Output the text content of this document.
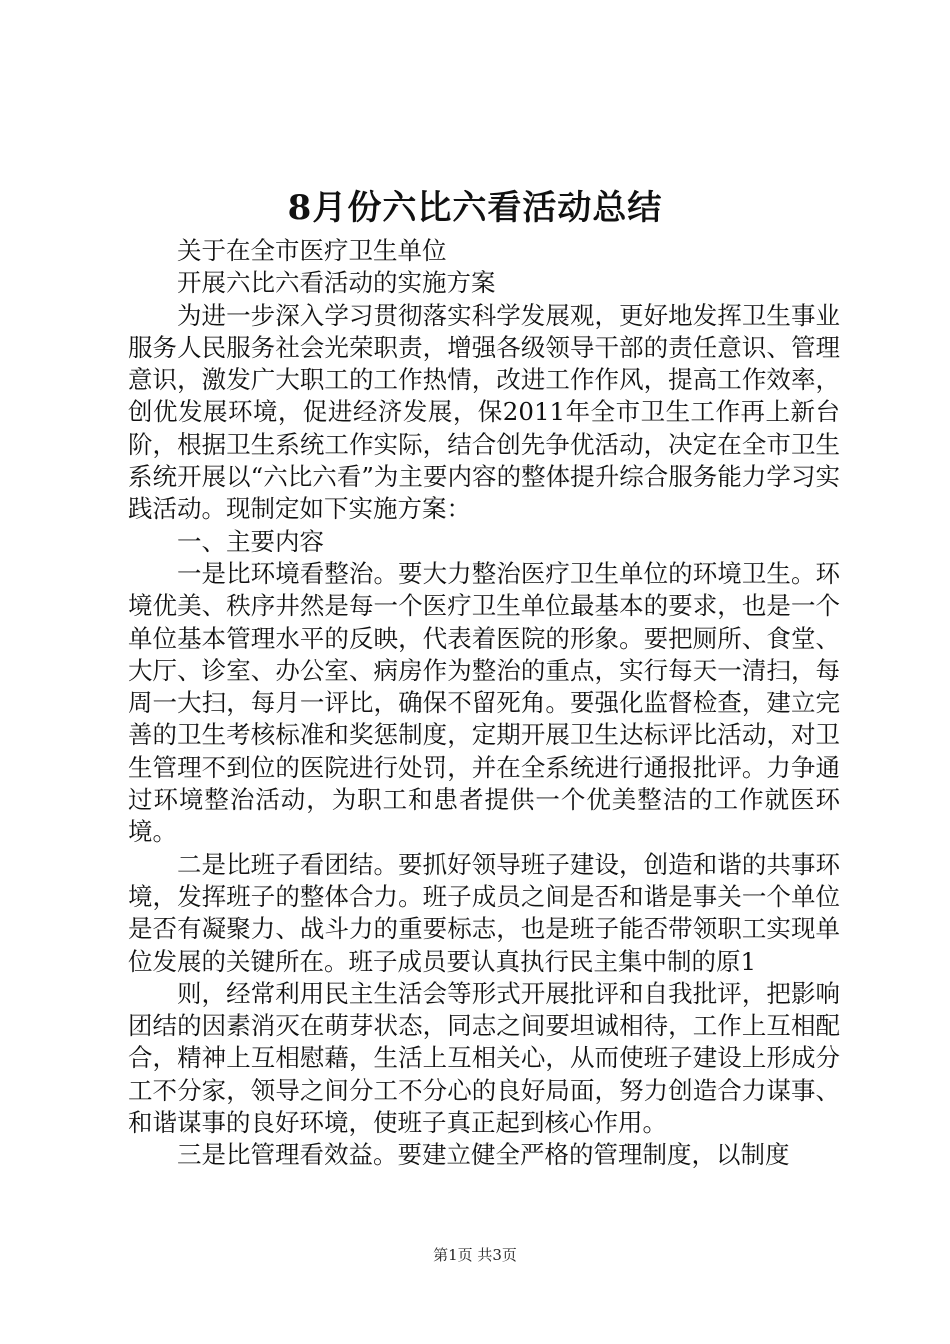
8月份六比六看活动总结

关于在全市医疗卫生单位

开展六比六看活动的实施方案

为进一步深入学习贯彻落实科学发展观，更好地发挥卫生事业服务人民服务社会光荣职责，增强各级领导干部的责任意识、管理意识，激发广大职工的工作热情，改进工作作风，提高工作效率，创优发展环境，促进经济发展，保2011年全市卫生工作再上新台阶，根据卫生系统工作实际，结合创先争优活动，决定在全市卫生系统开展以“六比六看”为主要内容的整体提升综合服务能力学习实践活动。现制定如下实施方案：

一、主要内容

一是比环境看整治。要大力整治医疗卫生单位的环境卫生。环境优美、秩序井然是每一个医疗卫生单位最基本的要求，也是一个单位基本管理水平的反映，代表着医院的形象。要把厕所、食堂、大厅、诊室、办公室、病房作为整治的重点，实行每天一清扫，每周一大扫，每月一评比，确保不留死角。要强化监督检查，建立完善的卫生考核标准和奖惩制度，定期开展卫生达标评比活动，对卫生管理不到位的医院进行处罚，并在全系统进行通报批评。力争通过环境整治活动，为职工和患者提供一个优美整洁的工作就医环境。

二是比班子看团结。要抓好领导班子建设，创造和谐的共事环境，发挥班子的整体合力。班子成员之间是否和谐是事关一个单位是否有凝聚力、战斗力的重要标志，也是班子能否带领职工实现单位发展的关键所在。班子成员要认真执行民主集中制的原1

则，经常利用民主生活会等形式开展批评和自我批评，把影响团结的因素消灭在萌芽状态，同志之间要坦诚相待，工作上互相配合，精神上互相慰藉，生活上互相关心，从而使班子建设上形成分工不分家，领导之间分工不分心的良好局面，努力创造合力谋事、和谐谋事的良好环境，使班子真正起到核心作用。

三是比管理看效益。要建立健全严格的管理制度，以制度

第1页 共3页
